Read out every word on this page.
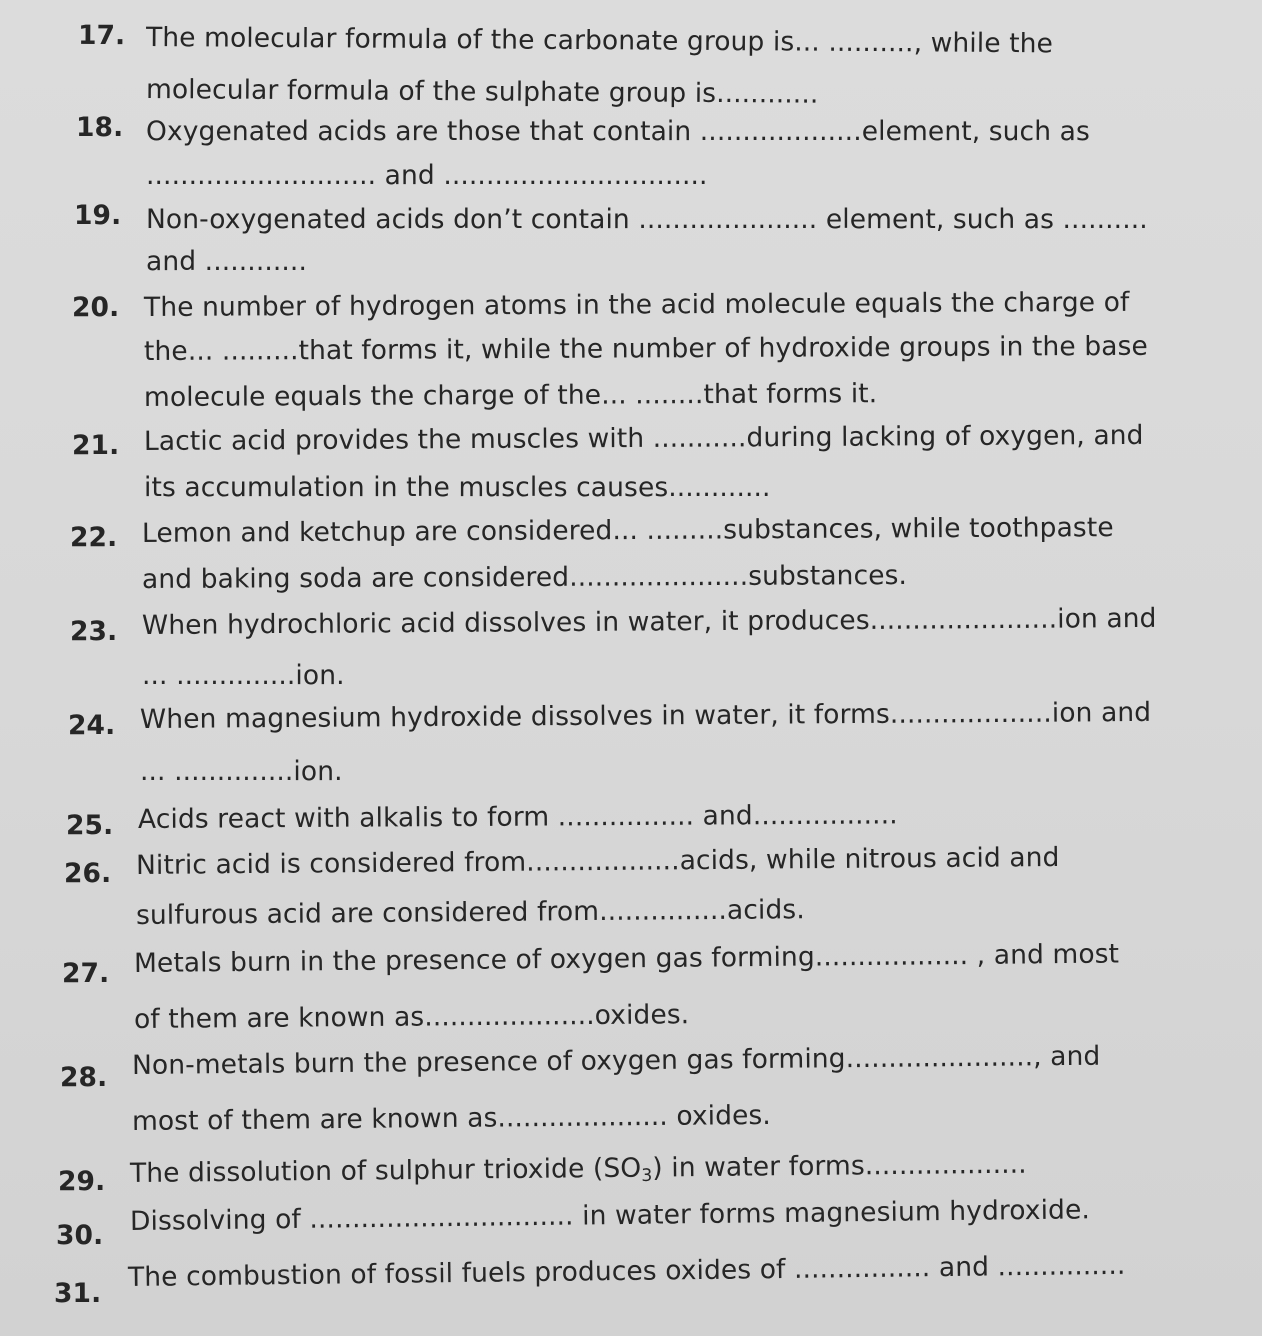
17. The molecular formula of the carbonate group is... .........., while the
molecular formula of the sulphate group is............
18. Oxygenated acids are those that contain ...................element, such as
........................... and ...............................
19. Non-oxygenated acids don’t contain ..................... element, such as ..........
and ............
20. The number of hydrogen atoms in the acid molecule equals the charge of
the... .........that forms it, while the number of hydroxide groups in the base
molecule equals the charge of the... ........that forms it.
21. Lactic acid provides the muscles with ...........during lacking of oxygen, and
its accumulation in the muscles causes............
22. Lemon and ketchup are considered... .........substances, while toothpaste
and baking soda are considered.....................substances.
23. When hydrochloric acid dissolves in water, it produces......................ion and
... ..............ion.
24. When magnesium hydroxide dissolves in water, it forms...................ion and
... ..............ion.
25. Acids react with alkalis to form ................ and.................
26. Nitric acid is considered from..................acids, while nitrous acid and
sulfurous acid are considered from...............acids.
27. Metals burn in the presence of oxygen gas forming.................. , and most
of them are known as....................oxides.
28. Non-metals burn the presence of oxygen gas forming......................, and
most of them are known as.................... oxides.
29. The dissolution of sulphur trioxide $(SO_3)$ in water forms...................
30. Dissolving of ............................... in water forms magnesium hydroxide.
31.
The combustion of fossil fuels produces oxides of ................ and ...............
